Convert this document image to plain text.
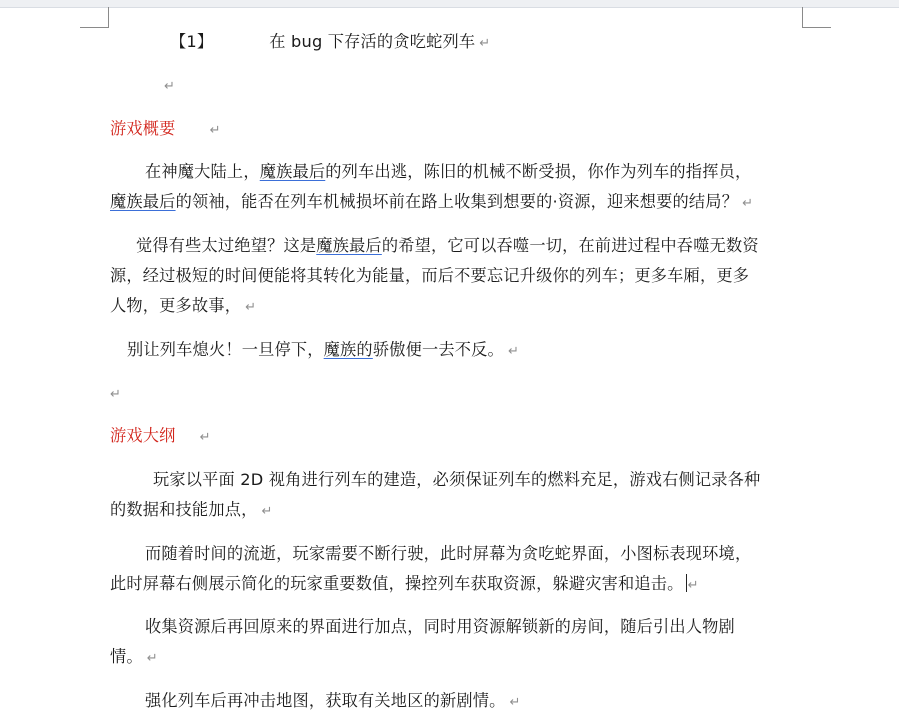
【1】	在 bug 下存活的贪吃蛇列车 ↵
↵
游戏概要	↵
在神魔大陆上，魔族最后的列车出逃，陈旧的机械不断受损，你作为列车的指挥员，
魔族最后的领袖，能否在列车机械损坏前在路上收集到想要的·资源，迎来想要的结局？ ↵
觉得有些太过绝望？这是魔族最后的希望，它可以吞噬一切，在前进过程中吞噬无数资
源，经过极短的时间便能将其转化为能量，而后不要忘记升级你的列车；更多车厢，更多
人物，更多故事， ↵
别让列车熄火！一旦停下，魔族的骄傲便一去不反。 ↵
↵
游戏大纲 ↵
玩家以平面 2D 视角进行列车的建造，必须保证列车的燃料充足，游戏右侧记录各种
的数据和技能加点， ↵
而随着时间的流逝，玩家需要不断行驶，此时屏幕为贪吃蛇界面，小图标表现环境，
此时屏幕右侧展示简化的玩家重要数值，操控列车获取资源，躲避灾害和追击。 ↵
收集资源后再回原来的界面进行加点，同时用资源解锁新的房间，随后引出人物剧
情。 ↵
强化列车后再冲击地图，获取有关地区的新剧情。 ↵
